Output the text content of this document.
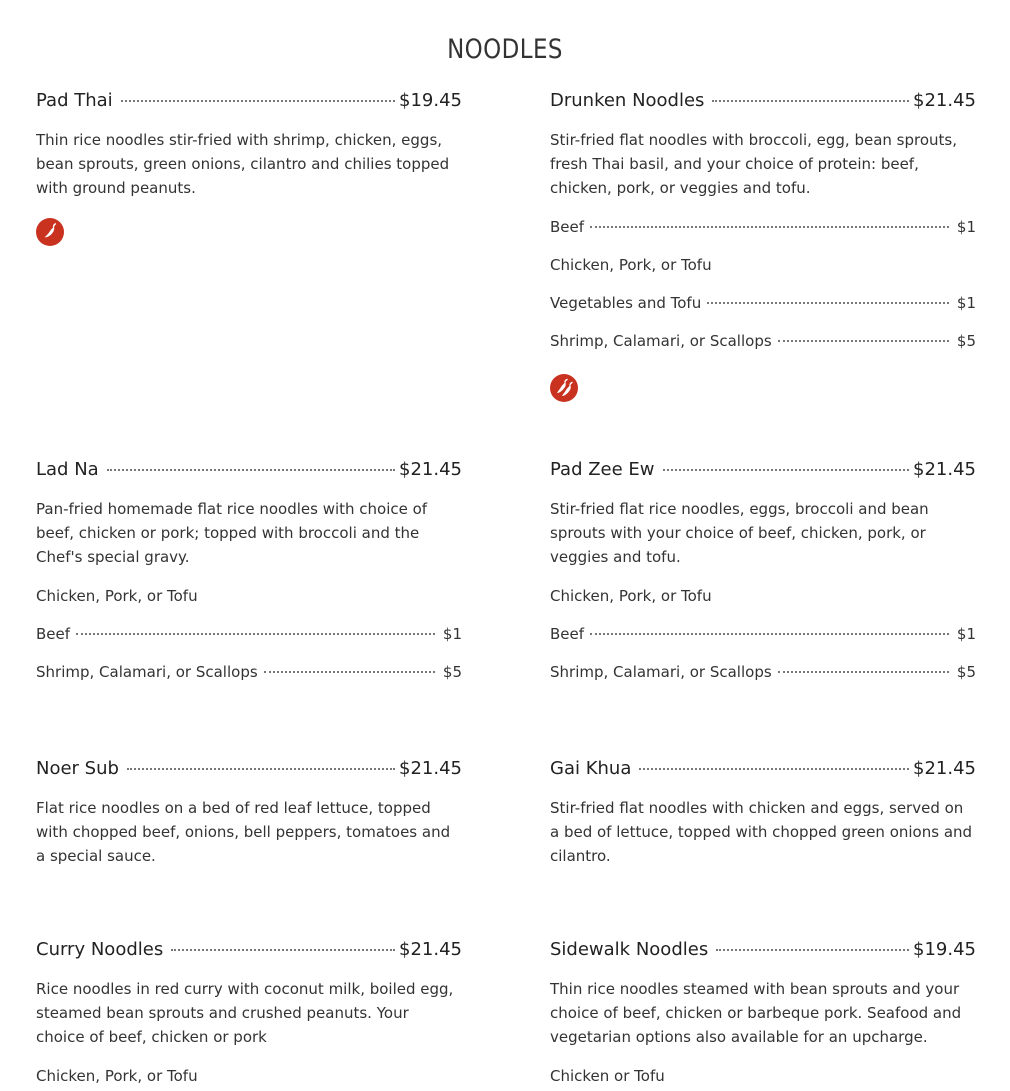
NOODLES
Pad Thai	$19.45
Thin rice noodles stir-fried with shrimp, chicken, eggs, bean sprouts, green onions, cilantro and chilies topped with ground peanuts.
Drunken Noodles	$21.45
Stir-fried flat noodles with broccoli, egg, bean sprouts, fresh Thai basil, and your choice of protein: beef, chicken, pork, or veggies and tofu.
Beef	$1
Chicken, Pork, or Tofu
Vegetables and Tofu	$1
Shrimp, Calamari, or Scallops	$5
Lad Na	$21.45
Pan-fried homemade flat rice noodles with choice of beef, chicken or pork; topped with broccoli and the Chef's special gravy.
Chicken, Pork, or Tofu
Beef	$1
Shrimp, Calamari, or Scallops	$5
Pad Zee Ew	$21.45
Stir-fried flat rice noodles, eggs, broccoli and bean sprouts with your choice of beef, chicken, pork, or veggies and tofu.
Chicken, Pork, or Tofu
Beef	$1
Shrimp, Calamari, or Scallops	$5
Noer Sub	$21.45
Flat rice noodles on a bed of red leaf lettuce, topped with chopped beef, onions, bell peppers, tomatoes and a special sauce.
Gai Khua	$21.45
Stir-fried flat noodles with chicken and eggs, served on a bed of lettuce, topped with chopped green onions and cilantro.
Curry Noodles	$21.45
Rice noodles in red curry with coconut milk, boiled egg, steamed bean sprouts and crushed peanuts. Your choice of beef, chicken or pork
Chicken, Pork, or Tofu
Sidewalk Noodles	$19.45
Thin rice noodles steamed with bean sprouts and your choice of beef, chicken or barbeque pork. Seafood and vegetarian options also available for an upcharge.
Chicken or Tofu
